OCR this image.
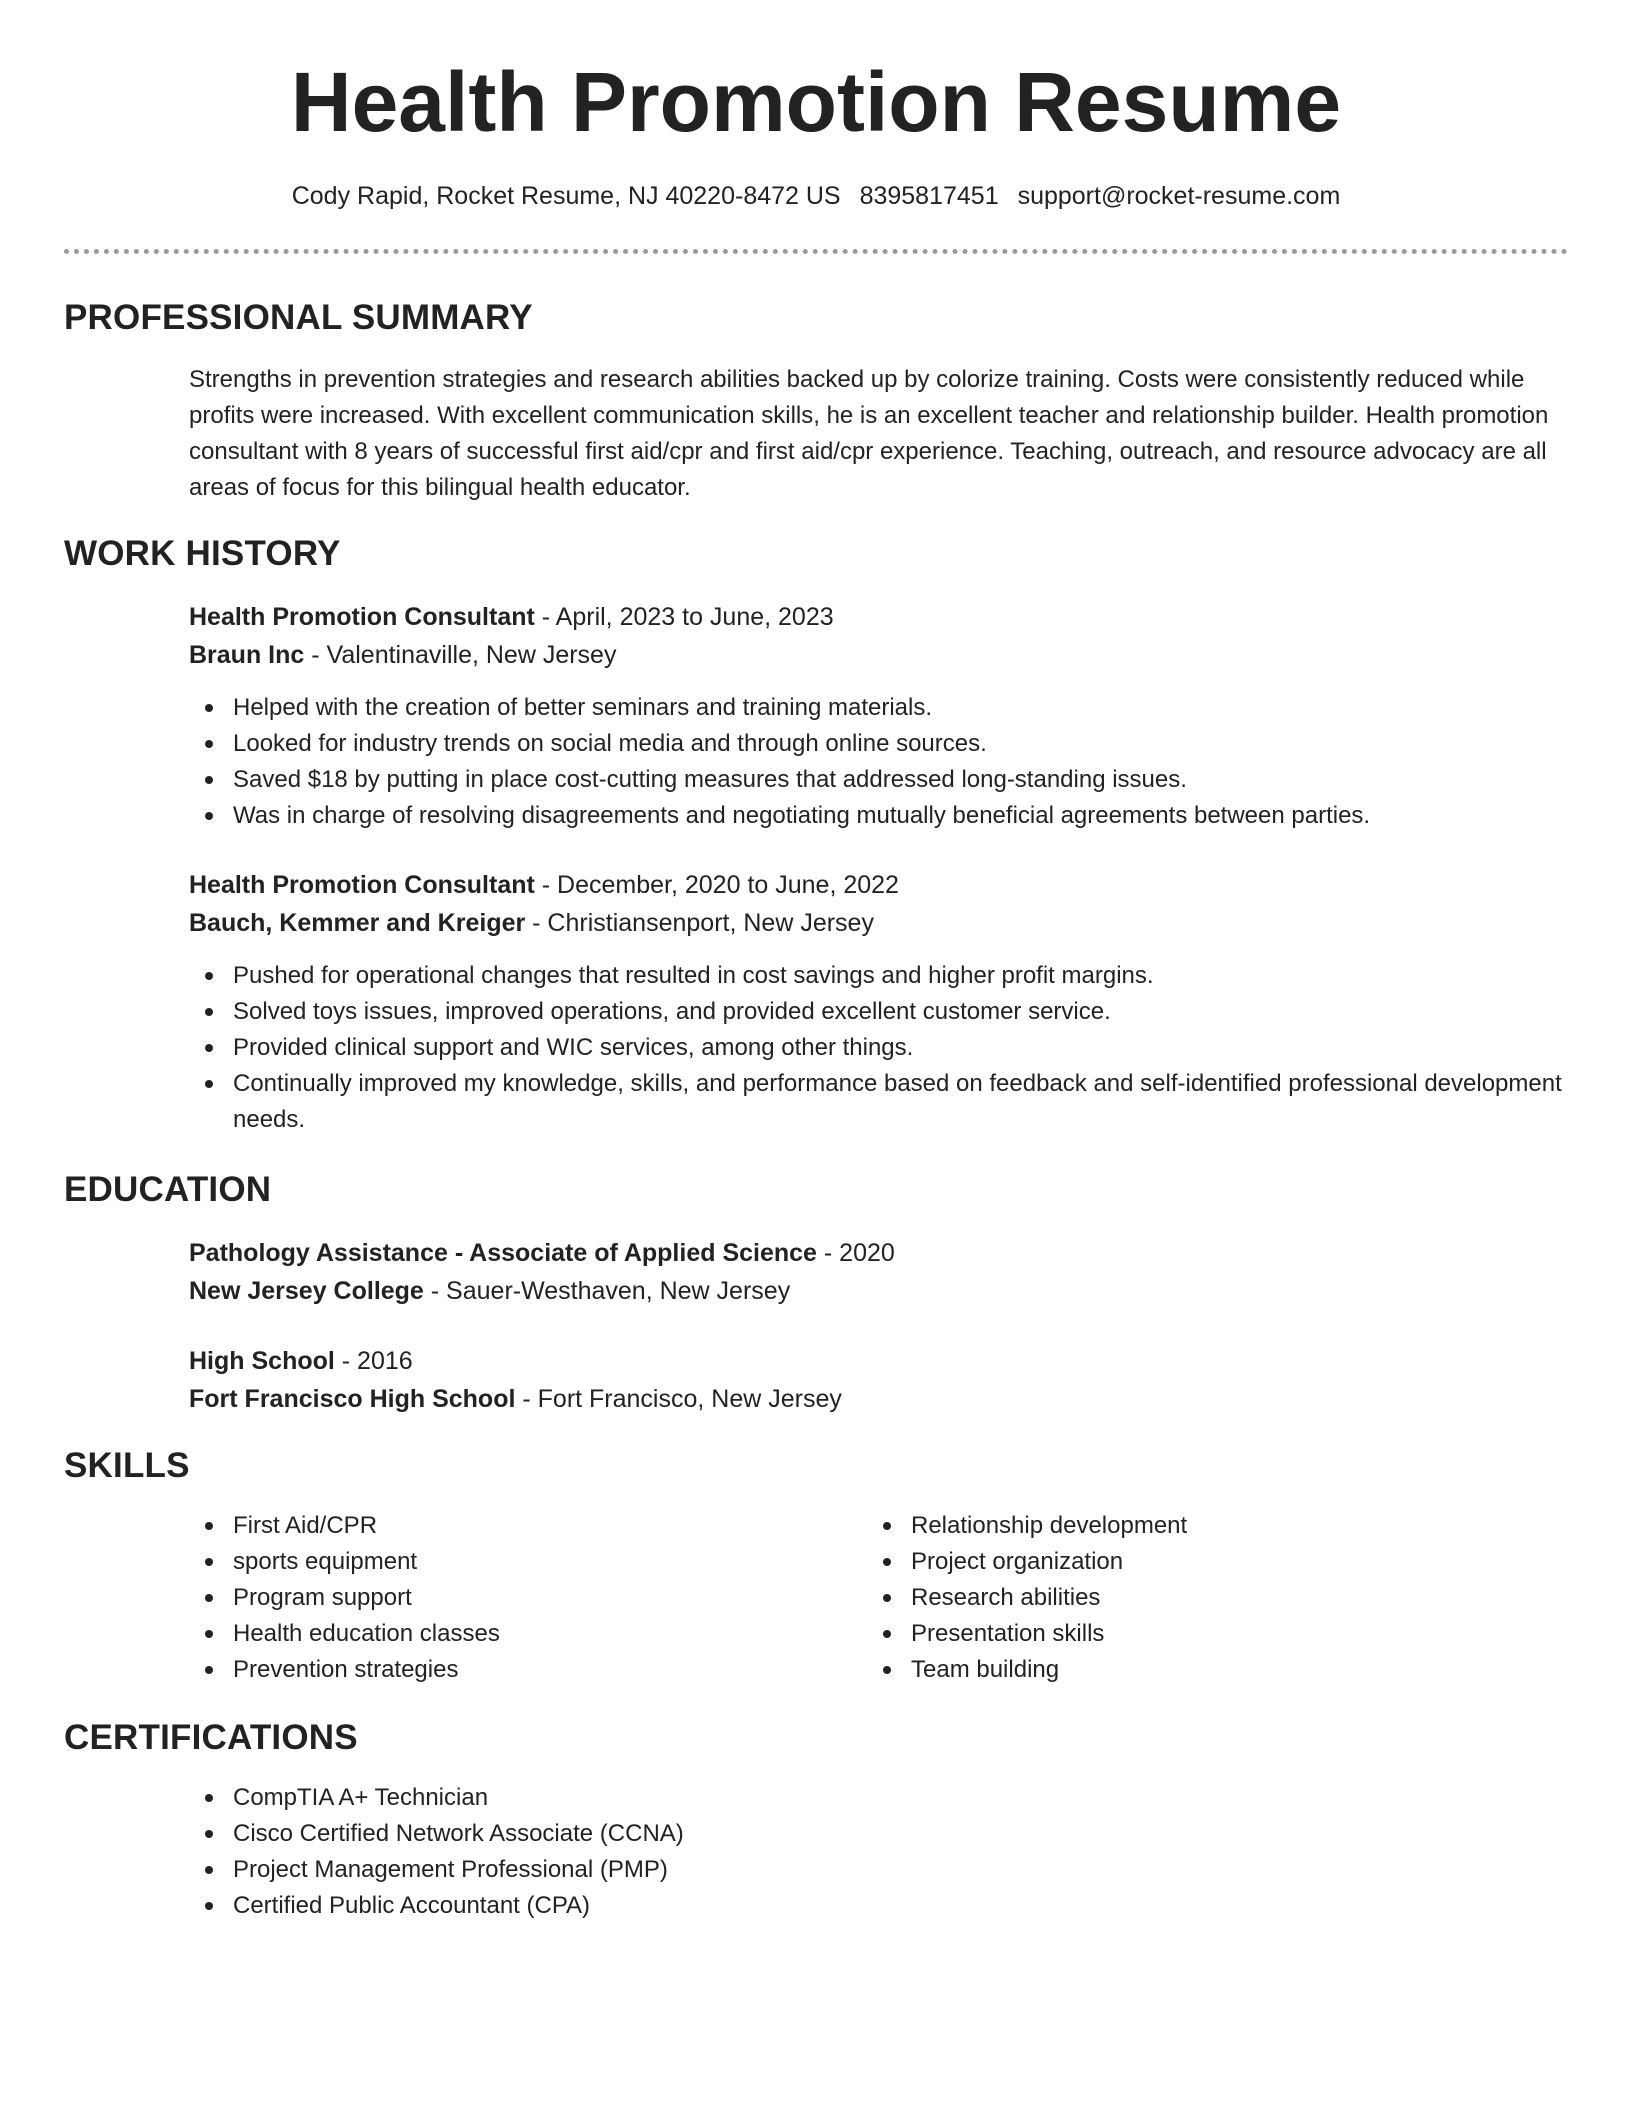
Health Promotion Resume
Cody Rapid, Rocket Resume, NJ 40220-8472 US 8395817451 support@rocket-resume.com
PROFESSIONAL SUMMARY

Strengths in prevention strategies and research abilities backed up by colorize training. Costs were consistently reduced while profits were increased. With excellent communication skills, he is an excellent teacher and relationship builder. Health promotion consultant with 8 years of successful first aid/cpr and first aid/cpr experience. Teaching, outreach, and resource advocacy are all areas of focus for this bilingual health educator.

WORK HISTORY

Health Promotion Consultant - April, 2023 to June, 2023

Braun Inc - Valentinaville, New Jersey

Helped with the creation of better seminars and training materials.
Looked for industry trends on social media and through online sources.
Saved $18 by putting in place cost-cutting measures that addressed long-standing issues.
Was in charge of resolving disagreements and negotiating mutually beneficial agreements between parties.

Health Promotion Consultant - December, 2020 to June, 2022

Bauch, Kemmer and Kreiger - Christiansenport, New Jersey

Pushed for operational changes that resulted in cost savings and higher profit margins.
Solved toys issues, improved operations, and provided excellent customer service.
Provided clinical support and WIC services, among other things.
Continually improved my knowledge, skills, and performance based on feedback and self-identified professional development needs.
EDUCATION

Pathology Assistance - Associate of Applied Science - 2020

New Jersey College - Sauer-Westhaven, New Jersey

High School - 2016

Fort Francisco High School - Fort Francisco, New Jersey

SKILLS
First Aid/CPR
sports equipment
Program support
Health education classes
Prevention strategies
Relationship development
Project organization
Research abilities
Presentation skills
Team building
CERTIFICATIONS
CompTIA A+ Technician
Cisco Certified Network Associate (CCNA)
Project Management Professional (PMP)
Certified Public Accountant (CPA)
